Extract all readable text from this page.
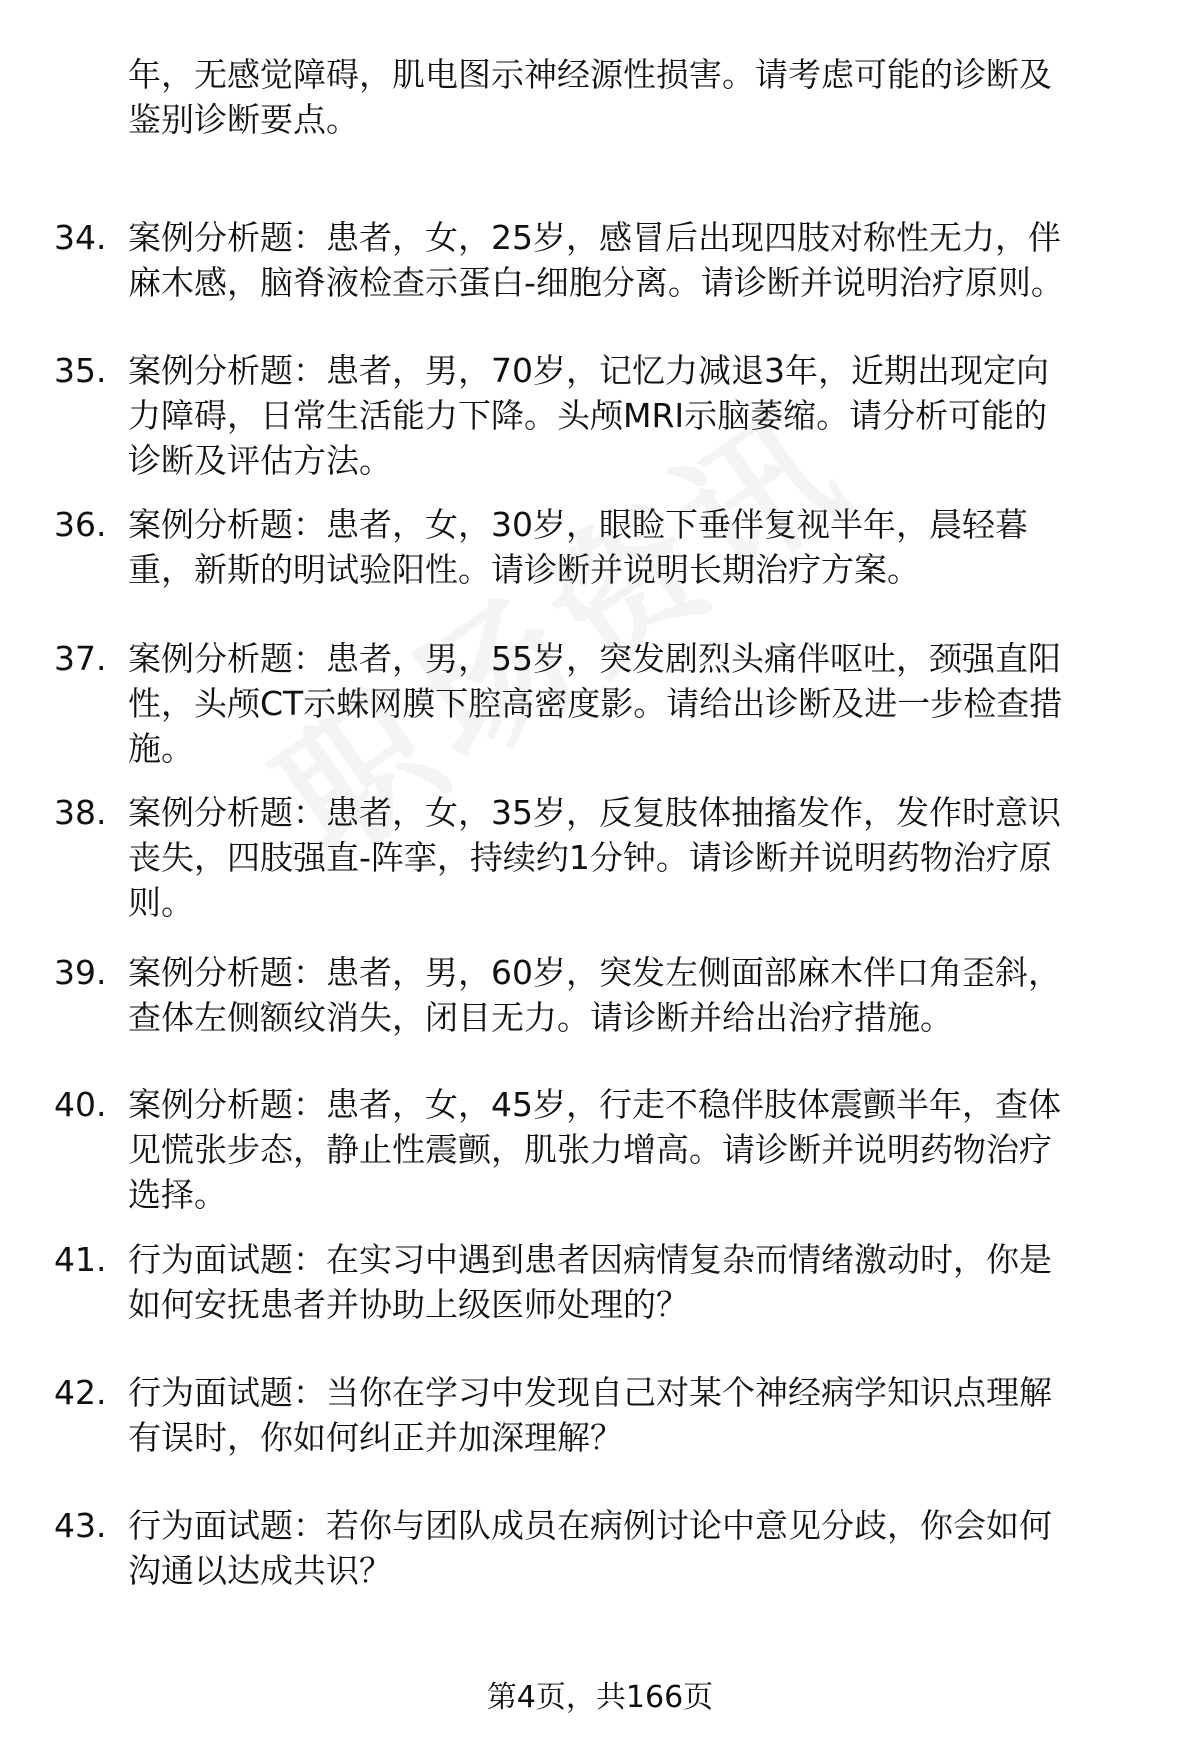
年，无感觉障碍，肌电图示神经源性损害。请考虑可能的诊断及
鉴别诊断要点。
34. 案例分析题：患者，女，25岁，感冒后出现四肢对称性无力，伴
麻木感，脑脊液检查示蛋白-细胞分离。请诊断并说明治疗原则。
35. 案例分析题：患者，男，70岁，记忆力减退3年，近期出现定向
力障碍，日常生活能力下降。头颅MRI示脑萎缩。请分析可能的
诊断及评估方法。
36. 案例分析题：患者，女，30岁，眼睑下垂伴复视半年，晨轻暮
重，新斯的明试验阳性。请诊断并说明长期治疗方案。
37. 案例分析题：患者，男，55岁，突发剧烈头痛伴呕吐，颈强直阳
性，头颅CT示蛛网膜下腔高密度影。请给出诊断及进一步检查措
施。
38. 案例分析题：患者，女，35岁，反复肢体抽搐发作，发作时意识
丧失，四肢强直-阵挛，持续约1分钟。请诊断并说明药物治疗原
则。
39. 案例分析题：患者，男，60岁，突发左侧面部麻木伴口角歪斜，
查体左侧额纹消失，闭目无力。请诊断并给出治疗措施。
40. 案例分析题：患者，女，45岁，行走不稳伴肢体震颤半年，查体
见慌张步态，静止性震颤，肌张力增高。请诊断并说明药物治疗
选择。
41. 行为面试题：在实习中遇到患者因病情复杂而情绪激动时，你是
如何安抚患者并协助上级医师处理的？
42. 行为面试题：当你在学习中发现自己对某个神经病学知识点理解
有误时，你如何纠正并加深理解？
43. 行为面试题：若你与团队成员在病例讨论中意见分歧，你会如何
沟通以达成共识？
第4页，共166页
